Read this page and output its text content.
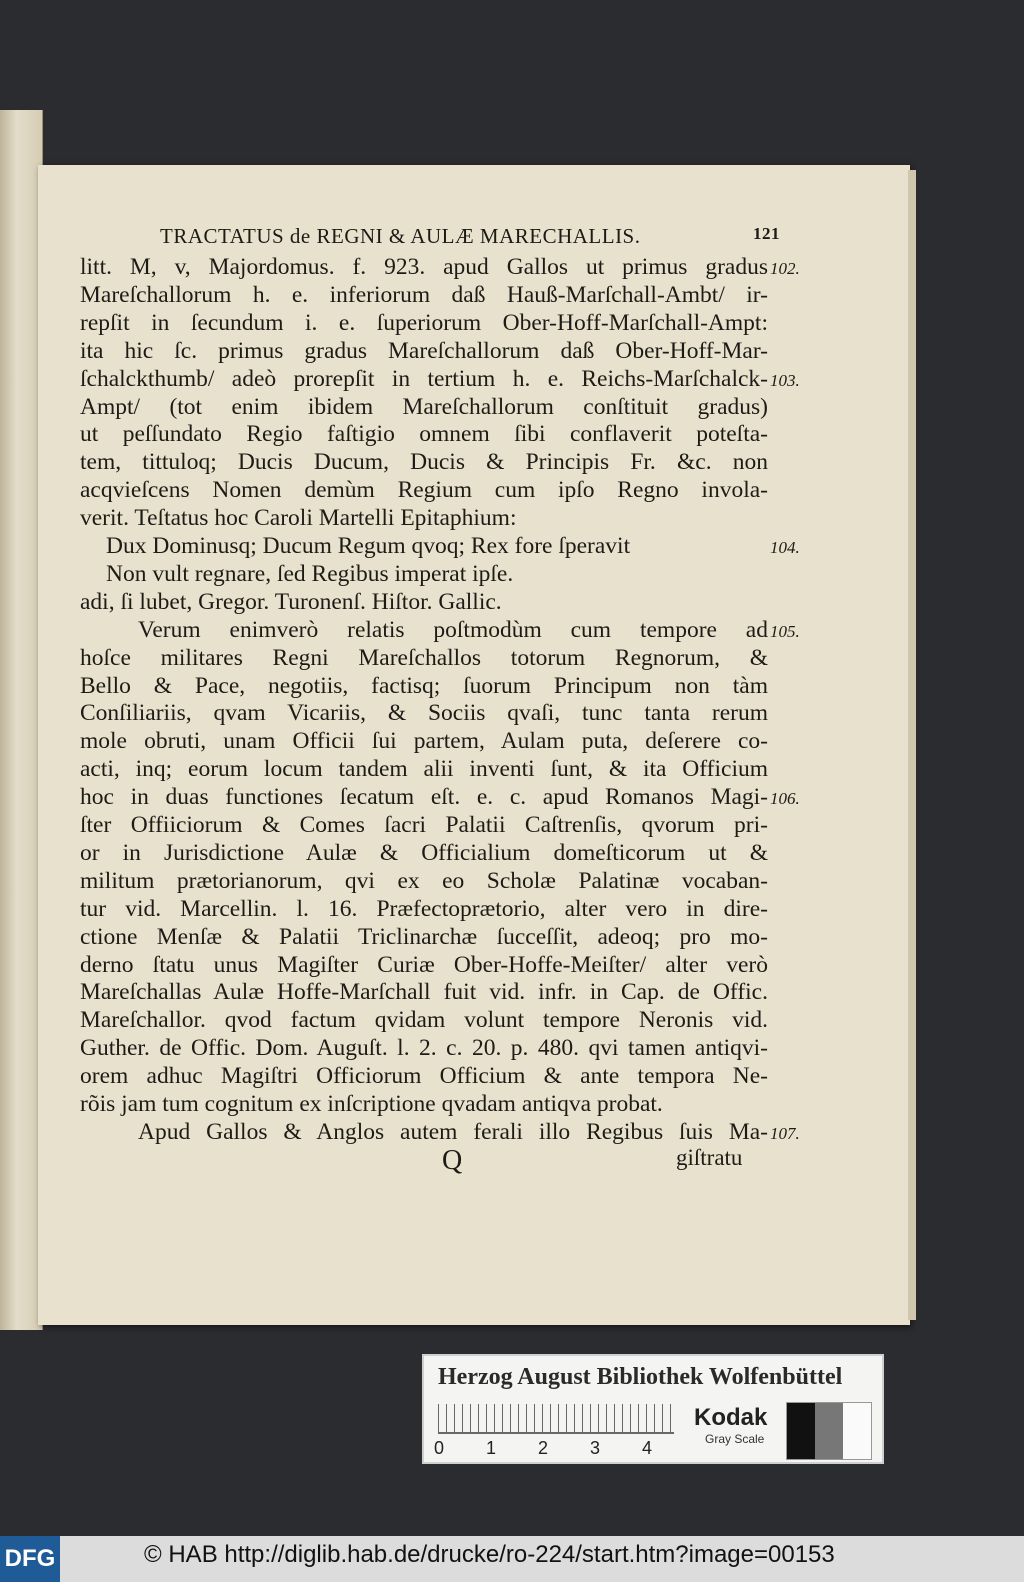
TRACTATUS de REGNI & AULÆ MARECHALLIS.	121
litt. M, v, Majordomus. f. 923. apud Gallos ut primus gradus 102.
Mareſchallorum h. e. inferiorum daß Hauß-Marſchall-Ambt/ ir-
repſit in ſecundum i. e. ſuperiorum Ober-Hoff-Marſchall-Ampt:
ita hic ſc. primus gradus Mareſchallorum daß Ober-Hoff-Mar-
ſchalckthumb/ adeò prorepſit in tertium h. e. Reichs-Marſchalck- 103.
Ampt/ (tot enim ibidem Mareſchallorum conſtituit gradus)
ut peſſundato Regio faſtigio omnem ſibi conflaverit poteſta-
tem, tittuloq; Ducis Ducum, Ducis & Principis Fr. &c. non
acqvieſcens Nomen demùm Regium cum ipſo Regno invola-
verit. Teſtatus hoc Caroli Martelli Epitaphium:
Dux Dominusq; Ducum Regum qvoq; Rex fore ſperavit	104.
Non vult regnare, ſed Regibus imperat ipſe.
adi, ſi lubet, Gregor. Turonenſ. Hiſtor. Gallic.
Verum enimverò relatis poſtmodùm cum tempore ad 105.
hoſce militares Regni Mareſchallos totorum Regnorum, &
Bello & Pace, negotiis, factisq; ſuorum Principum non tàm
Conſiliariis, qvam Vicariis, & Sociis qvaſi, tunc tanta rerum
mole obruti, unam Officii ſui partem, Aulam puta, deſerere co-
acti, inq; eorum locum tandem alii inventi ſunt, & ita Officium
hoc in duas functiones ſecatum eſt. e. c. apud Romanos Magi- 106.
ſter Offiiciorum & Comes ſacri Palatii Caſtrenſis, qvorum pri-
or in Jurisdictione Aulæ & Officialium domeſticorum ut &
militum prætorianorum, qvi ex eo Scholæ Palatinæ vocaban-
tur vid. Marcellin. l. 16. Præfectoprætorio, alter vero in dire-
ctione Menſæ & Palatii Triclinarchæ ſucceſſit, adeoq; pro mo-
derno ſtatu unus Magiſter Curiæ Ober-Hoffe-Meiſter/ alter verò
Mareſchallas Aulæ Hoffe-Marſchall fuit vid. infr. in Cap. de Offic.
Mareſchallor. qvod factum qvidam volunt tempore Neronis vid.
Guther. de Offic. Dom. Auguſt. l. 2. c. 20. p. 480. qvi tamen antiqvi-
orem adhuc Magiſtri Officiorum Officium & ante tempora Ne-
rõis jam tum cognitum ex inſcriptione qvadam antiqva probat.
Apud Gallos & Anglos autem ferali illo Regibus ſuis Ma- 107.
Q	giſtratu
Herzog August Bibliothek Wolfenbüttel
0	1	2	3	4
Kodak
Gray Scale
DFG	© HAB http://diglib.hab.de/drucke/ro-224/start.htm?image=00153
